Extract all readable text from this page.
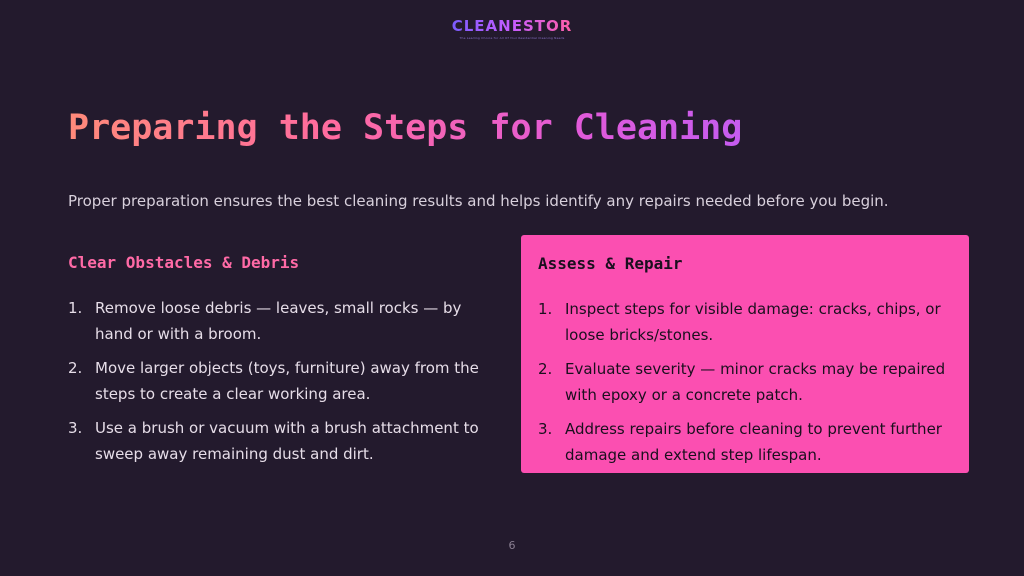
CLEANESTOR
The Leading Choice for All Of Your Residential Cleaning Needs
Preparing the Steps for Cleaning
Proper preparation ensures the best cleaning results and helps identify any repairs needed before you begin.
Clear Obstacles & Debris
1. Remove loose debris — leaves, small rocks — by hand or with a broom.
2. Move larger objects (toys, furniture) away from the steps to create a clear working area.
3. Use a brush or vacuum with a brush attachment to sweep away remaining dust and dirt.
Assess & Repair
1. Inspect steps for visible damage: cracks, chips, or loose bricks/stones.
2. Evaluate severity — minor cracks may be repaired with epoxy or a concrete patch.
3. Address repairs before cleaning to prevent further damage and extend step lifespan.
6
